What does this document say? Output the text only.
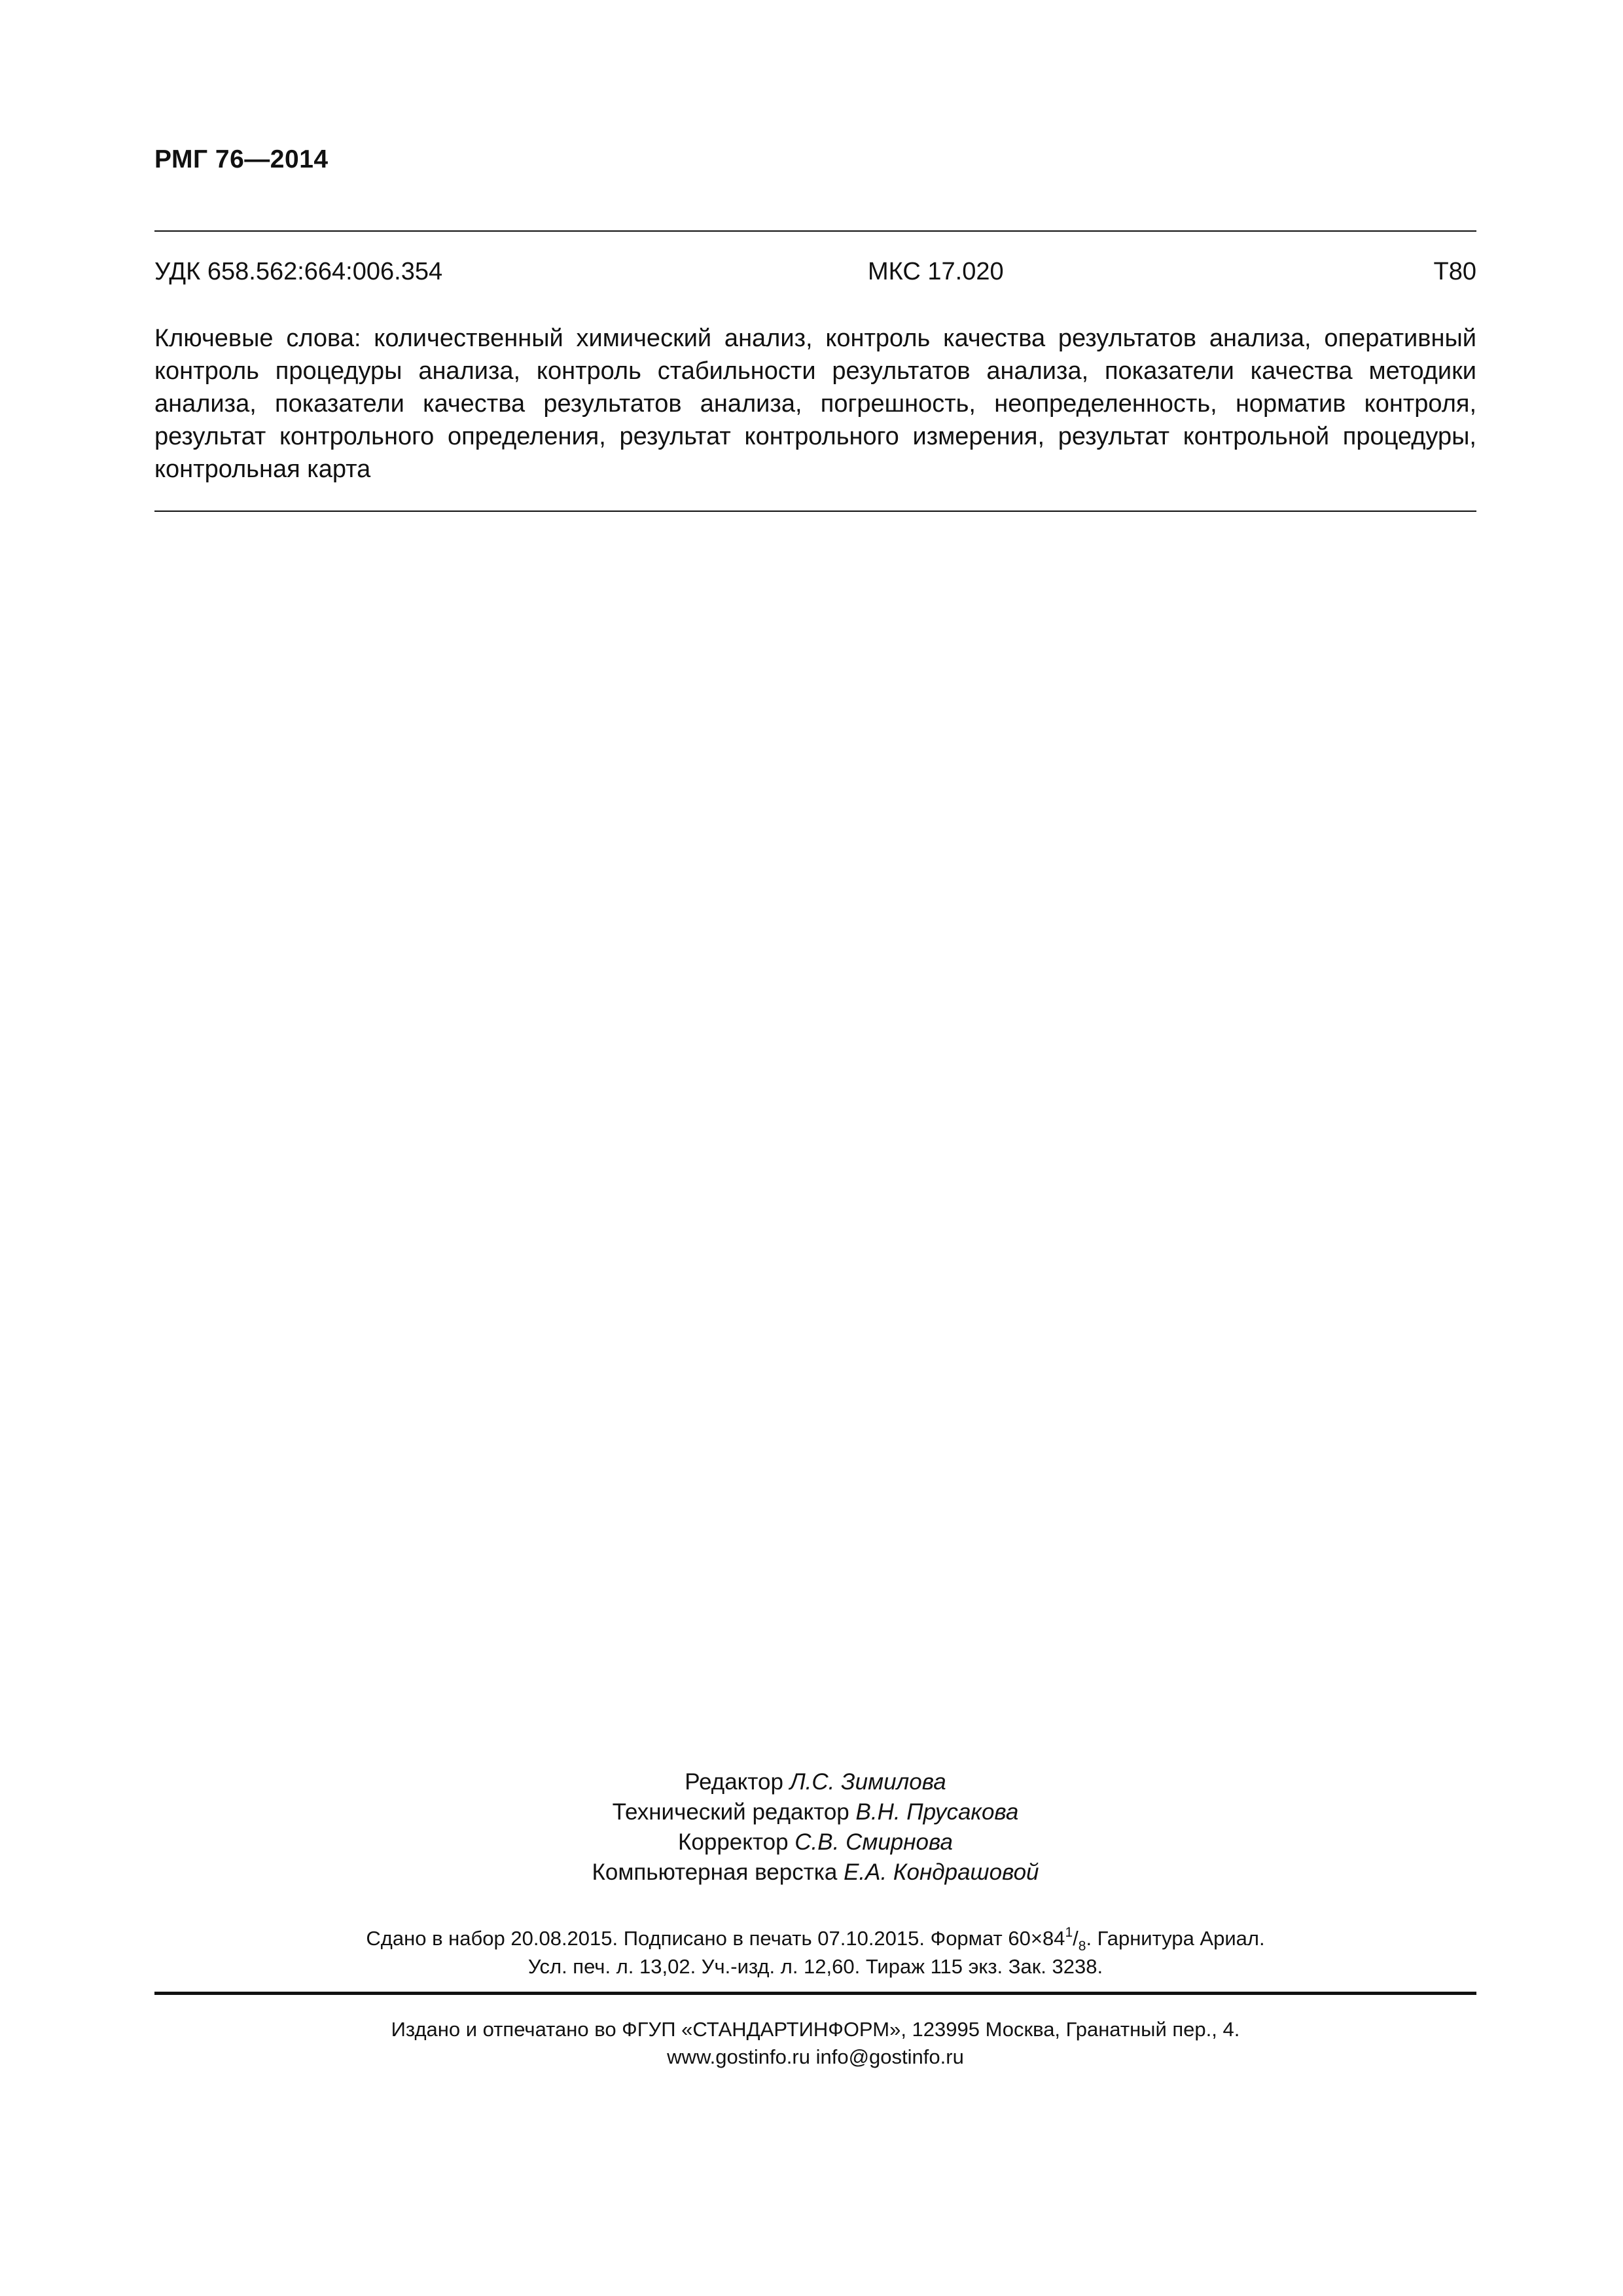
РМГ 76—2014
УДК 658.562:664:006.354	МКС 17.020	Т80
Ключевые слова: количественный химический анализ, контроль качества результатов анализа, оперативный контроль процедуры анализа, контроль стабильности результатов анализа, показатели качества методики анализа, показатели качества результатов анализа, погрешность, неопределенность, норматив контроля, результат контрольного определения, результат контрольного измерения, результат контрольной процедуры, контрольная карта
Редактор Л.С. Зимилова
Технический редактор В.Н. Прусакова
Корректор С.В. Смирнова
Компьютерная верстка Е.А. Кондрашовой
Сдано в набор 20.08.2015. Подписано в печать 07.10.2015. Формат $60\times 84^1/_8$. Гарнитура Ариал.
Усл. печ. л. 13,02. Уч.-изд. л. 12,60. Тираж 115 экз. Зак. 3238.
Издано и отпечатано во ФГУП «СТАНДАРТИНФОРМ», 123995 Москва, Гранатный пер., 4.
www.gostinfo.ru info@gostinfo.ru
